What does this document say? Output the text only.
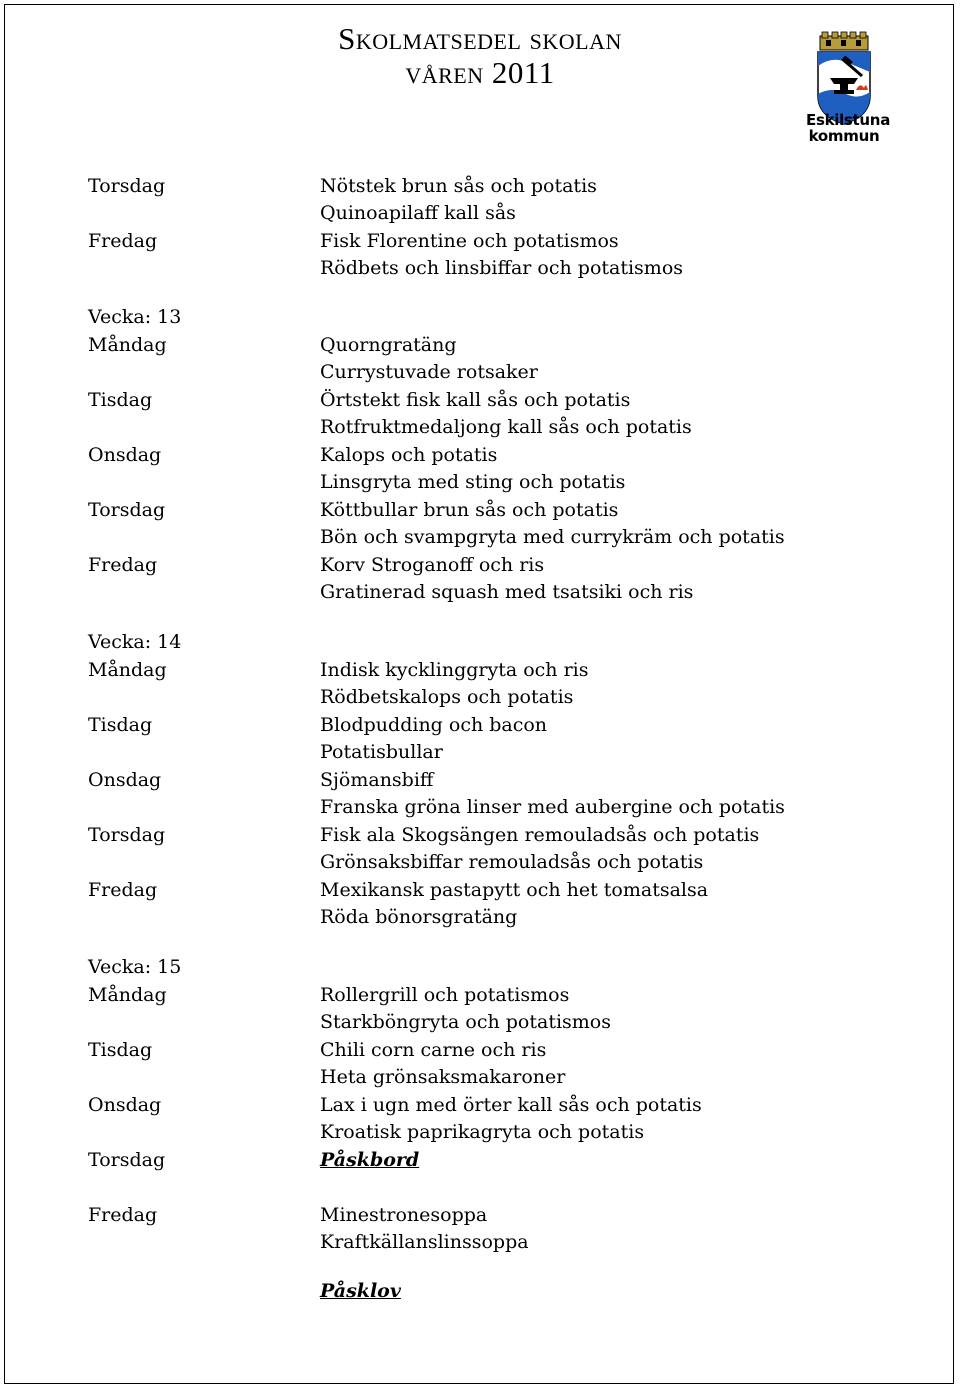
Skolmatsedel skolan
våren 2011
Eskilstuna
kommun
Torsdag	Nötstek brun sås och potatis
Quinoapilaff kall sås
Fredag	Fisk Florentine och potatismos
Rödbets och linsbiffar och potatismos
Vecka: 13
Måndag	Quorngratäng
Currystuvade rotsaker
Tisdag	Örtstekt fisk kall sås och potatis
Rotfruktmedaljong kall sås och potatis
Onsdag	Kalops och potatis
Linsgryta med sting och potatis
Torsdag	Köttbullar brun sås och potatis
Bön och svampgryta med currykräm och potatis
Fredag	Korv Stroganoff och ris
Gratinerad squash med tsatsiki och ris
Vecka: 14
Måndag	Indisk kycklinggryta och ris
Rödbetskalops och potatis
Tisdag	Blodpudding och bacon
Potatisbullar
Onsdag	Sjömansbiff
Franska gröna linser med aubergine och potatis
Torsdag	Fisk ala Skogsängen remouladsås och potatis
Grönsaksbiffar remouladsås och potatis
Fredag	Mexikansk pastapytt och het tomatsalsa
Röda bönorsgratäng
Vecka: 15
Måndag	Rollergrill och potatismos
Starkböngryta och potatismos
Tisdag	Chili corn carne och ris
Heta grönsaksmakaroner
Onsdag	Lax i ugn med örter kall sås och potatis
Kroatisk paprikagryta och potatis
Torsdag	Påskbord
Fredag	Minestronesoppa
Kraftkällanslinssoppa
Påsklov
